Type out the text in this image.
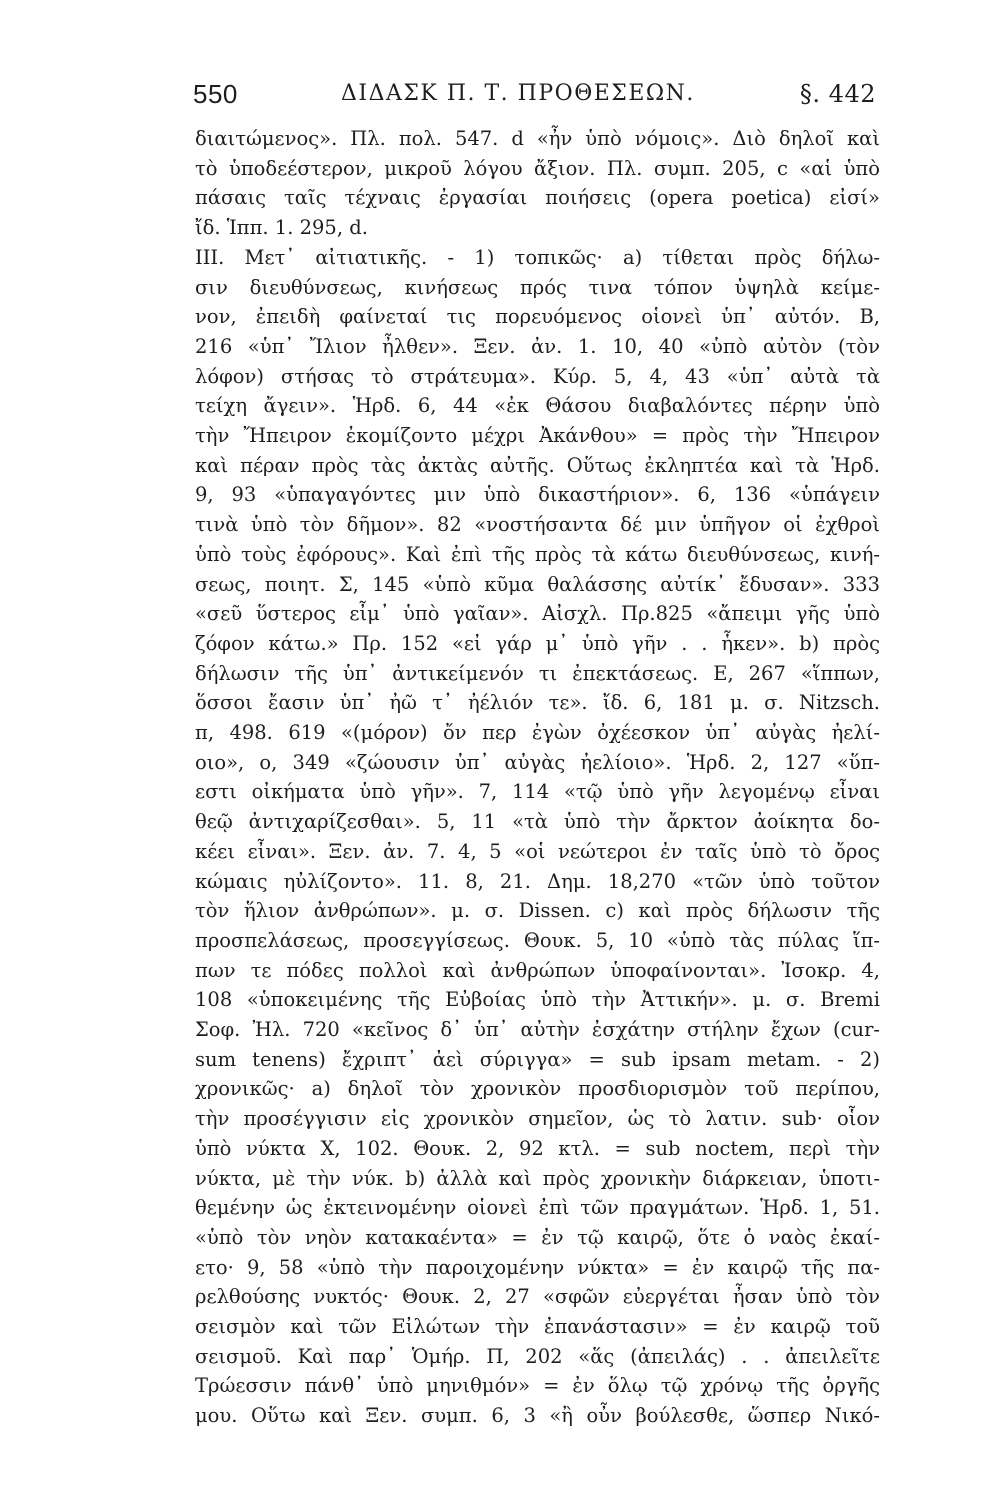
550	ΔΙΔΑΣΚ Π. Τ. ΠΡΟΘΕΣΕΩΝ.	§. 442
διαιτώμενος». Πλ. πολ. 547. d «ἦν ὑπὸ νόμοις». Διὸ δηλοῖ καὶ
τὸ ὑποδεέστερον, μικροῦ λόγου ἄξιον. Πλ. συμπ. 205, c «αἱ ὑπὸ
πάσαις ταῖς τέχναις ἐργασίαι ποιήσεις (opera poetica) εἰσί»
ἴδ. Ἱππ. 1. 295, d.
III. Μετ᾽ αἰτιατικῆς. - 1) τοπικῶς· a) τίθεται πρὸς δήλω-
σιν διευθύνσεως, κινήσεως πρός τινα τόπον ὑψηλὰ κείμε-
νον, ἐπειδὴ φαίνεταί τις πορευόμενος οἱονεὶ ὑπ᾽ αὐτόν. B,
216 «ὑπ᾽ Ἴλιον ἦλθεν». Ξεν. ἀν. 1. 10, 40 «ὑπὸ αὐτὸν (τὸν
λόφον) στήσας τὸ στράτευμα». Κύρ. 5, 4, 43 «ὑπ᾽ αὐτὰ τὰ
τείχη ἄγειν». Ἡρδ. 6, 44 «ἐκ Θάσου διαβαλόντες πέρην ὑπὸ
τὴν Ἤπειρον ἐκομίζοντο μέχρι Ἀκάνθου» = πρὸς τὴν Ἤπειρον
καὶ πέραν πρὸς τὰς ἀκτὰς αὐτῆς. Οὕτως ἐκληπτέα καὶ τὰ Ἡρδ.
9, 93 «ὑπαγαγόντες μιν ὑπὸ δικαστήριον». 6, 136 «ὑπάγειν
τινὰ ὑπὸ τὸν δῆμον». 82 «νοστήσαντα δέ μιν ὑπῆγον οἱ ἐχθροὶ
ὑπὸ τοὺς ἐφόρους». Καὶ ἐπὶ τῆς πρὸς τὰ κάτω διευθύνσεως, κινή-
σεως, ποιητ. Σ, 145 «ὑπὸ κῦμα θαλάσσης αὐτίκ᾽ ἔδυσαν». 333
«σεῦ ὕστερος εἶμ᾽ ὑπὸ γαῖαν». Αἰσχλ. Πρ.825 «ἄπειμι γῆς ὑπὸ
ζόφον κάτω.» Πρ. 152 «εἰ γάρ μ᾽ ὑπὸ γῆν . . ἧκεν». b) πρὸς
δήλωσιν τῆς ὑπ᾽ ἀντικείμενόν τι ἐπεκτάσεως. Ε, 267 «ἵππων,
ὅσσοι ἔασιν ὑπ᾽ ἠῶ τ᾽ ἠέλιόν τε». ἴδ. 6, 181 μ. σ. Nitzsch.
π, 498. 619 «(μόρον) ὄν περ ἐγὼν ὀχέεσκον ὑπ᾽ αὐγὰς ἠελί-
οιο», ο, 349 «ζώουσιν ὑπ᾽ αὐγὰς ἠελίοιο». Ἡρδ. 2, 127 «ὕπ-
εστι οἰκήματα ὑπὸ γῆν». 7, 114 «τῷ ὑπὸ γῆν λεγομένῳ εἶναι
θεῷ ἀντιχαρίζεσθαι». 5, 11 «τὰ ὑπὸ τὴν ἄρκτον ἀοίκητα δο-
κέει εἶναι». Ξεν. ἀν. 7. 4, 5 «οἱ νεώτεροι ἐν ταῖς ὑπὸ τὸ ὄρος
κώμαις ηὐλίζοντο». 11. 8, 21. Δημ. 18,270 «τῶν ὑπὸ τοῦτον
τὸν ἥλιον ἀνθρώπων». μ. σ. Dissen. c) καὶ πρὸς δήλωσιν τῆς
προσπελάσεως, προσεγγίσεως. Θουκ. 5, 10 «ὑπὸ τὰς πύλας ἵπ-
πων τε πόδες πολλοὶ καὶ ἀνθρώπων ὑποφαίνονται». Ἰσοκρ. 4,
108 «ὑποκειμένης τῆς Εὐβοίας ὑπὸ τὴν Ἀττικήν». μ. σ. Bremi
Σοφ. Ἠλ. 720 «κεῖνος δ᾽ ὑπ᾽ αὐτὴν ἐσχάτην στήλην ἔχων (cur-
sum tenens) ἔχριπτ᾽ ἀεὶ σύριγγα» = sub ipsam metam. - 2)
χρονικῶς· a) δηλοῖ τὸν χρονικὸν προσδιορισμὸν τοῦ περίπου,
τὴν προσέγγισιν εἰς χρονικὸν σημεῖον, ὡς τὸ λατιν. sub· οἷον
ὑπὸ νύκτα Χ, 102. Θουκ. 2, 92 κτλ. = sub noctem, περὶ τὴν
νύκτα, μὲ τὴν νύκ. b) ἀλλὰ καὶ πρὸς χρονικὴν διάρκειαν, ὑποτι-
θεμένην ὡς ἐκτεινομένην οἱονεὶ ἐπὶ τῶν πραγμάτων. Ἡρδ. 1, 51.
«ὑπὸ τὸν νηὸν κατακαέντα» = ἐν τῷ καιρῷ, ὅτε ὁ ναὸς ἐκαί-
ετο· 9, 58 «ὑπὸ τὴν παροιχομένην νύκτα» = ἐν καιρῷ τῆς πα-
ρελθούσης νυκτός· Θουκ. 2, 27 «σφῶν εὐεργέται ἦσαν ὑπὸ τὸν
σεισμὸν καὶ τῶν Εἰλώτων τὴν ἐπανάστασιν» = ἐν καιρῷ τοῦ
σεισμοῦ. Καὶ παρ᾽ Ὁμήρ. Π, 202 «ἅς (ἀπειλάς) . . ἀπειλεῖτε
Τρώεσσιν πάνθ᾽ ὑπὸ μηνιθμόν» = ἐν ὅλῳ τῷ χρόνῳ τῆς ὀργῆς
μου. Οὕτω καὶ Ξεν. συμπ. 6, 3 «ἢ οὖν βούλεσθε, ὥσπερ Νικό-
